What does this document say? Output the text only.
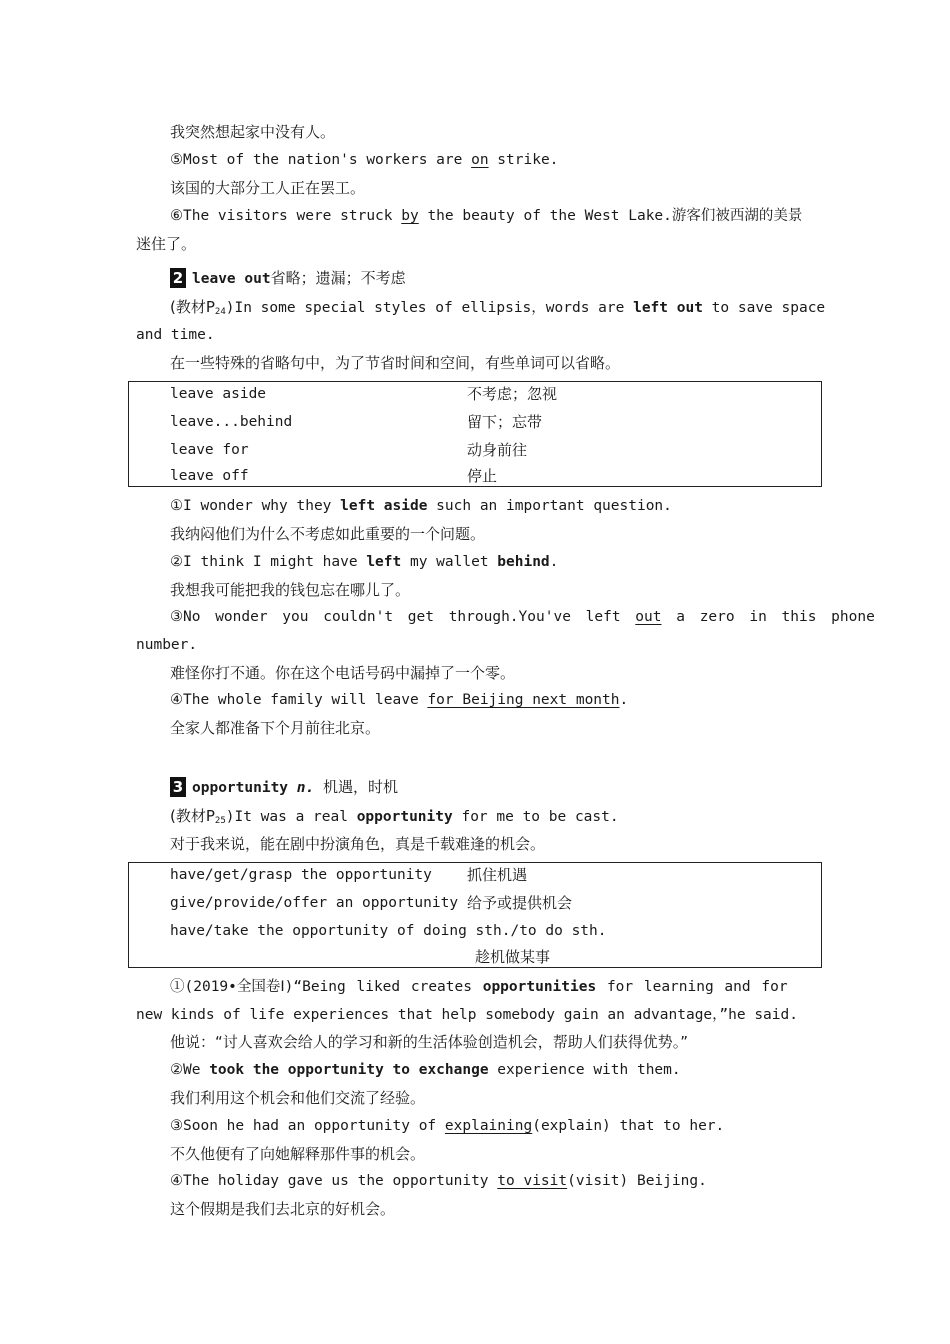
我突然想起家中没有人。
⑤Most of the nation's workers are on strike.
该国的大部分工人正在罢工。
⑥The visitors were struck by the beauty of the West Lake.游客们被西湖的美景
迷住了。
2 leave out省略；遗漏；不考虑
(教材$P_{24})In$ some special styles of ellipsis，words are left out to save space
and time.
在一些特殊的省略句中，为了节省时间和空间，有些单词可以省略。
leave aside	不考虑；忽视
leave...behind	留下；忘带
leave for	动身前往
leave off	停止
①I wonder why they left aside such an important question.
我纳闷他们为什么不考虑如此重要的一个问题。
②I think I might have left my wallet behind.
我想我可能把我的钱包忘在哪儿了。
③No wonder you couldn't get through.You've left out a zero in this phone
number.
难怪你打不通。你在这个电话号码中漏掉了一个零。
④The whole family will leave for Beijing next month.
全家人都准备下个月前往北京。
3 opportunity n. 机遇，时机
(教材$P_{25})It$ was a real opportunity for me to be cast.
对于我来说，能在剧中扮演角色，真是千载难逢的机会。
have/get/grasp the opportunity 抓住机遇
give/provide/offer an opportunity 给予或提供机会
have/take the opportunity of doing sth./to do sth.
趁机做某事
①(2019•全国卷Ⅰ)“Being liked creates opportunities for learning and for
new kinds of life experiences that help somebody gain an advantage，”he said.
他说：“讨人喜欢会给人的学习和新的生活体验创造机会，帮助人们获得优势。”
②We took the opportunity to exchange experience with them.
我们利用这个机会和他们交流了经验。
③Soon he had an opportunity of explaining(explain) that to her.
不久他便有了向她解释那件事的机会。
④The holiday gave us the opportunity to visit(visit) Beijing.
这个假期是我们去北京的好机会。
